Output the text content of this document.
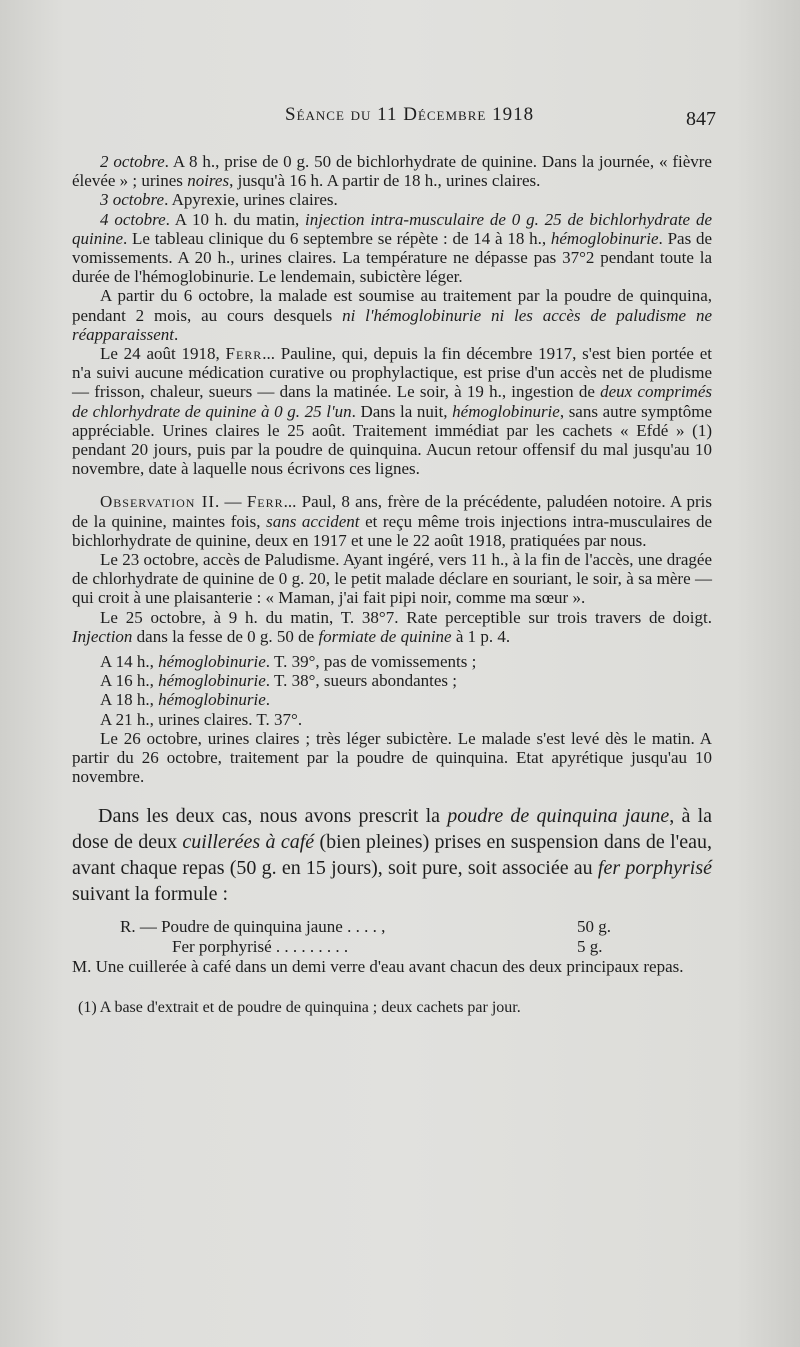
Séance du 11 Décembre 1918	847

2 octobre. A 8 h., prise de 0 g. 50 de bichlorhydrate de quinine. Dans la journée, « fièvre élevée » ; urines noires, jusqu'à 16 h. A partir de 18 h., urines claires.

3 octobre. Apyrexie, urines claires.

4 octobre. A 10 h. du matin, injection intra-musculaire de 0 g. 25 de bichlorhydrate de quinine. Le tableau clinique du 6 septembre se répète : de 14 à 18 h., hémoglobinurie. Pas de vomissements. A 20 h., urines claires. La température ne dépasse pas 37°2 pendant toute la durée de l'hémoglobinurie. Le lendemain, subictère léger.

A partir du 6 octobre, la malade est soumise au traitement par la poudre de quinquina, pendant 2 mois, au cours desquels ni l'hémoglobinurie ni les accès de paludisme ne réapparaissent.

Le 24 août 1918, Ferr... Pauline, qui, depuis la fin décembre 1917, s'est bien portée et n'a suivi aucune médication curative ou prophylactique, est prise d'un accès net de pludisme — frisson, chaleur, sueurs — dans la matinée. Le soir, à 19 h., ingestion de deux comprimés de chlorhydrate de quinine à 0 g. 25 l'un. Dans la nuit, hémoglobinurie, sans autre symptôme appréciable. Urines claires le 25 août. Traitement immédiat par les cachets « Efdé » (1) pendant 20 jours, puis par la poudre de quinquina. Aucun retour offensif du mal jusqu'au 10 novembre, date à laquelle nous écrivons ces lignes.

Observation II. — Ferr... Paul, 8 ans, frère de la précédente, paludéen notoire. A pris de la quinine, maintes fois, sans accident et reçu même trois injections intra-musculaires de bichlorhydrate de quinine, deux en 1917 et une le 22 août 1918, pratiquées par nous.

Le 23 octobre, accès de Paludisme. Ayant ingéré, vers 11 h., à la fin de l'accès, une dragée de chlorhydrate de quinine de 0 g. 20, le petit malade déclare en souriant, le soir, à sa mère — qui croit à une plaisanterie : « Maman, j'ai fait pipi noir, comme ma sœur ».

Le 25 octobre, à 9 h. du matin, T. 38°7. Rate perceptible sur trois travers de doigt. Injection dans la fesse de 0 g. 50 de formiate de quinine à 1 p. 4.

A 14 h., hémoglobinurie. T. 39°, pas de vomissements ;

A 16 h., hémoglobinurie. T. 38°, sueurs abondantes ;

A 18 h., hémoglobinurie.

A 21 h., urines claires. T. 37°.

Le 26 octobre, urines claires ; très léger subictère. Le malade s'est levé dès le matin. A partir du 26 octobre, traitement par la poudre de quinquina. Etat apyrétique jusqu'au 10 novembre.

Dans les deux cas, nous avons prescrit la poudre de quinquina jaune, à la dose de deux cuillerées à café (bien pleines) prises en suspension dans de l'eau, avant chaque repas (50 g. en 15 jours), soit pure, soit associée au fer porphyrisé suivant la formule :

R. — Poudre de quinquina jaune . . . . ,	50 g.
Fer porphyrisé . . . . . . . . .	5 g.
M. Une cuillerée à café dans un demi verre d'eau avant chacun des deux principaux repas.
(1) A base d'extrait et de poudre de quinquina ; deux cachets par jour.
